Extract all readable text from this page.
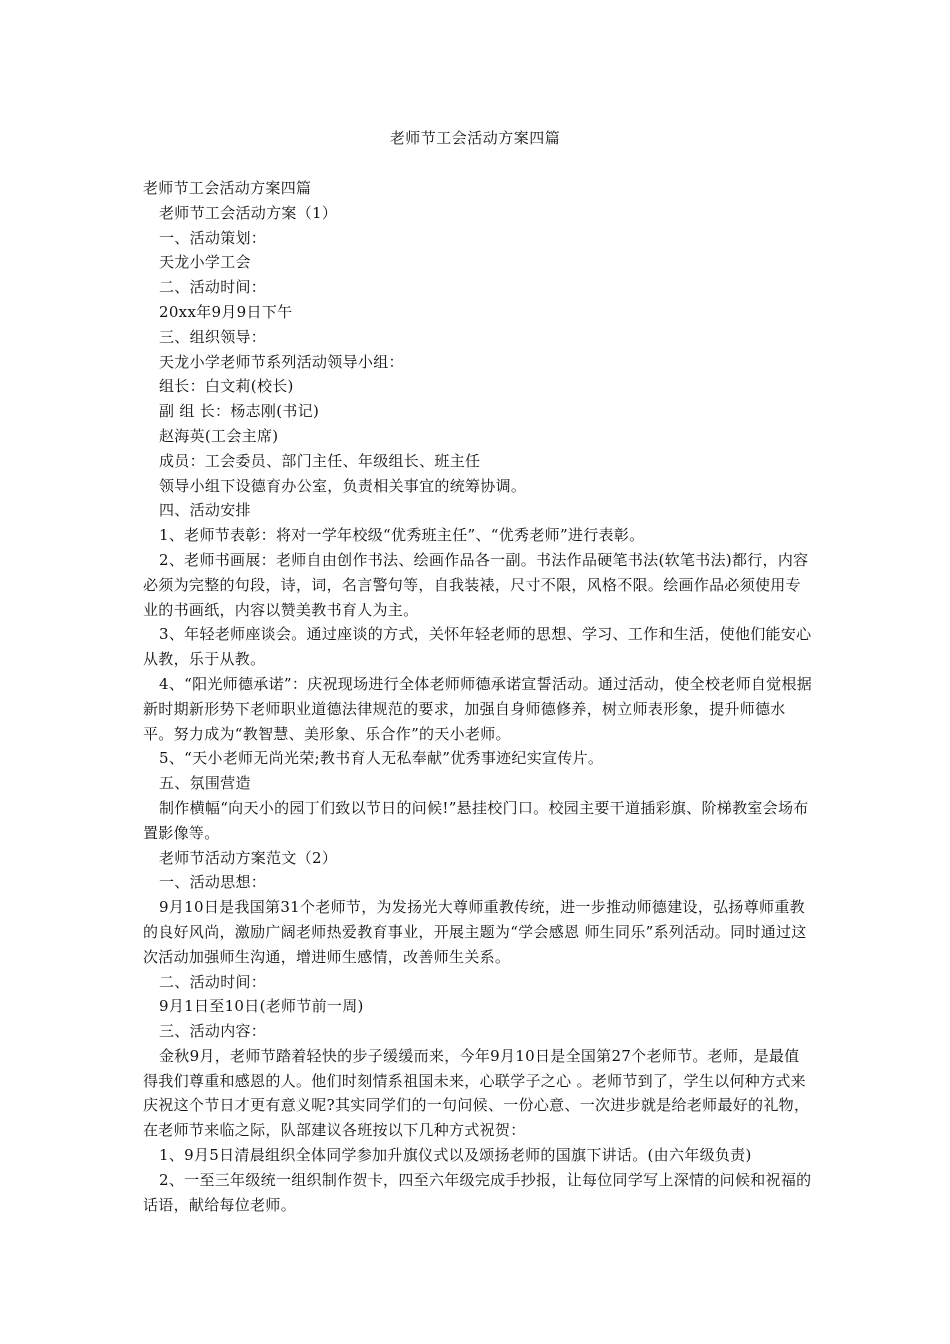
老师节工会活动方案四篇

老师节工会活动方案四篇

老师节工会活动方案（1）

一、活动策划：

天龙小学工会

二、活动时间：

20xx年9月9日下午

三、组织领导：

天龙小学老师节系列活动领导小组：

组长：白文莉(校长)

副 组 长：杨志刚(书记)

赵海英(工会主席)

成员：工会委员、部门主任、年级组长、班主任

领导小组下设德育办公室，负责相关事宜的统筹协调。

四、活动安排

1、老师节表彰：将对一学年校级“优秀班主任”、“优秀老师”进行表彰。

2、老师书画展：老师自由创作书法、绘画作品各一副。书法作品硬笔书法(软笔书法)都行，内容必须为完整的句段，诗，词，名言警句等，自我装裱，尺寸不限，风格不限。绘画作品必须使用专业的书画纸，内容以赞美教书育人为主。

3、年轻老师座谈会。通过座谈的方式，关怀年轻老师的思想、学习、工作和生活，使他们能安心从教，乐于从教。

4、“阳光师德承诺”：庆祝现场进行全体老师师德承诺宣誓活动。通过活动，使全校老师自觉根据新时期新形势下老师职业道德法律规范的要求，加强自身师德修养，树立师表形象，提升师德水平。努力成为“教智慧、美形象、乐合作”的天小老师。

5、“天小老师无尚光荣;教书育人无私奉献”优秀事迹纪实宣传片。

五、氛围营造

制作横幅“向天小的园丁们致以节日的问候!”悬挂校门口。校园主要干道插彩旗、阶梯教室会场布置影像等。

老师节活动方案范文（2）

一、活动思想：

9月10日是我国第31个老师节，为发扬光大尊师重教传统，进一步推动师德建设，弘扬尊师重教的良好风尚，激励广阔老师热爱教育事业，开展主题为“学会感恩 师生同乐”系列活动。同时通过这次活动加强师生沟通，增进师生感情，改善师生关系。

二、活动时间：

9月1日至10日(老师节前一周)

三、活动内容：

金秋9月，老师节踏着轻快的步子缓缓而来，今年9月10日是全国第27个老师节。老师，是最值得我们尊重和感恩的人。他们时刻情系祖国未来，心联学子之心 。老师节到了，学生以何种方式来庆祝这个节日才更有意义呢?其实同学们的一句问候、一份心意、一次进步就是给老师最好的礼物，在老师节来临之际，队部建议各班按以下几种方式祝贺：

1、9月5日清晨组织全体同学参加升旗仪式以及颂扬老师的国旗下讲话。(由六年级负责)

2、一至三年级统一组织制作贺卡，四至六年级完成手抄报，让每位同学写上深情的问候和祝福的话语，献给每位老师。
